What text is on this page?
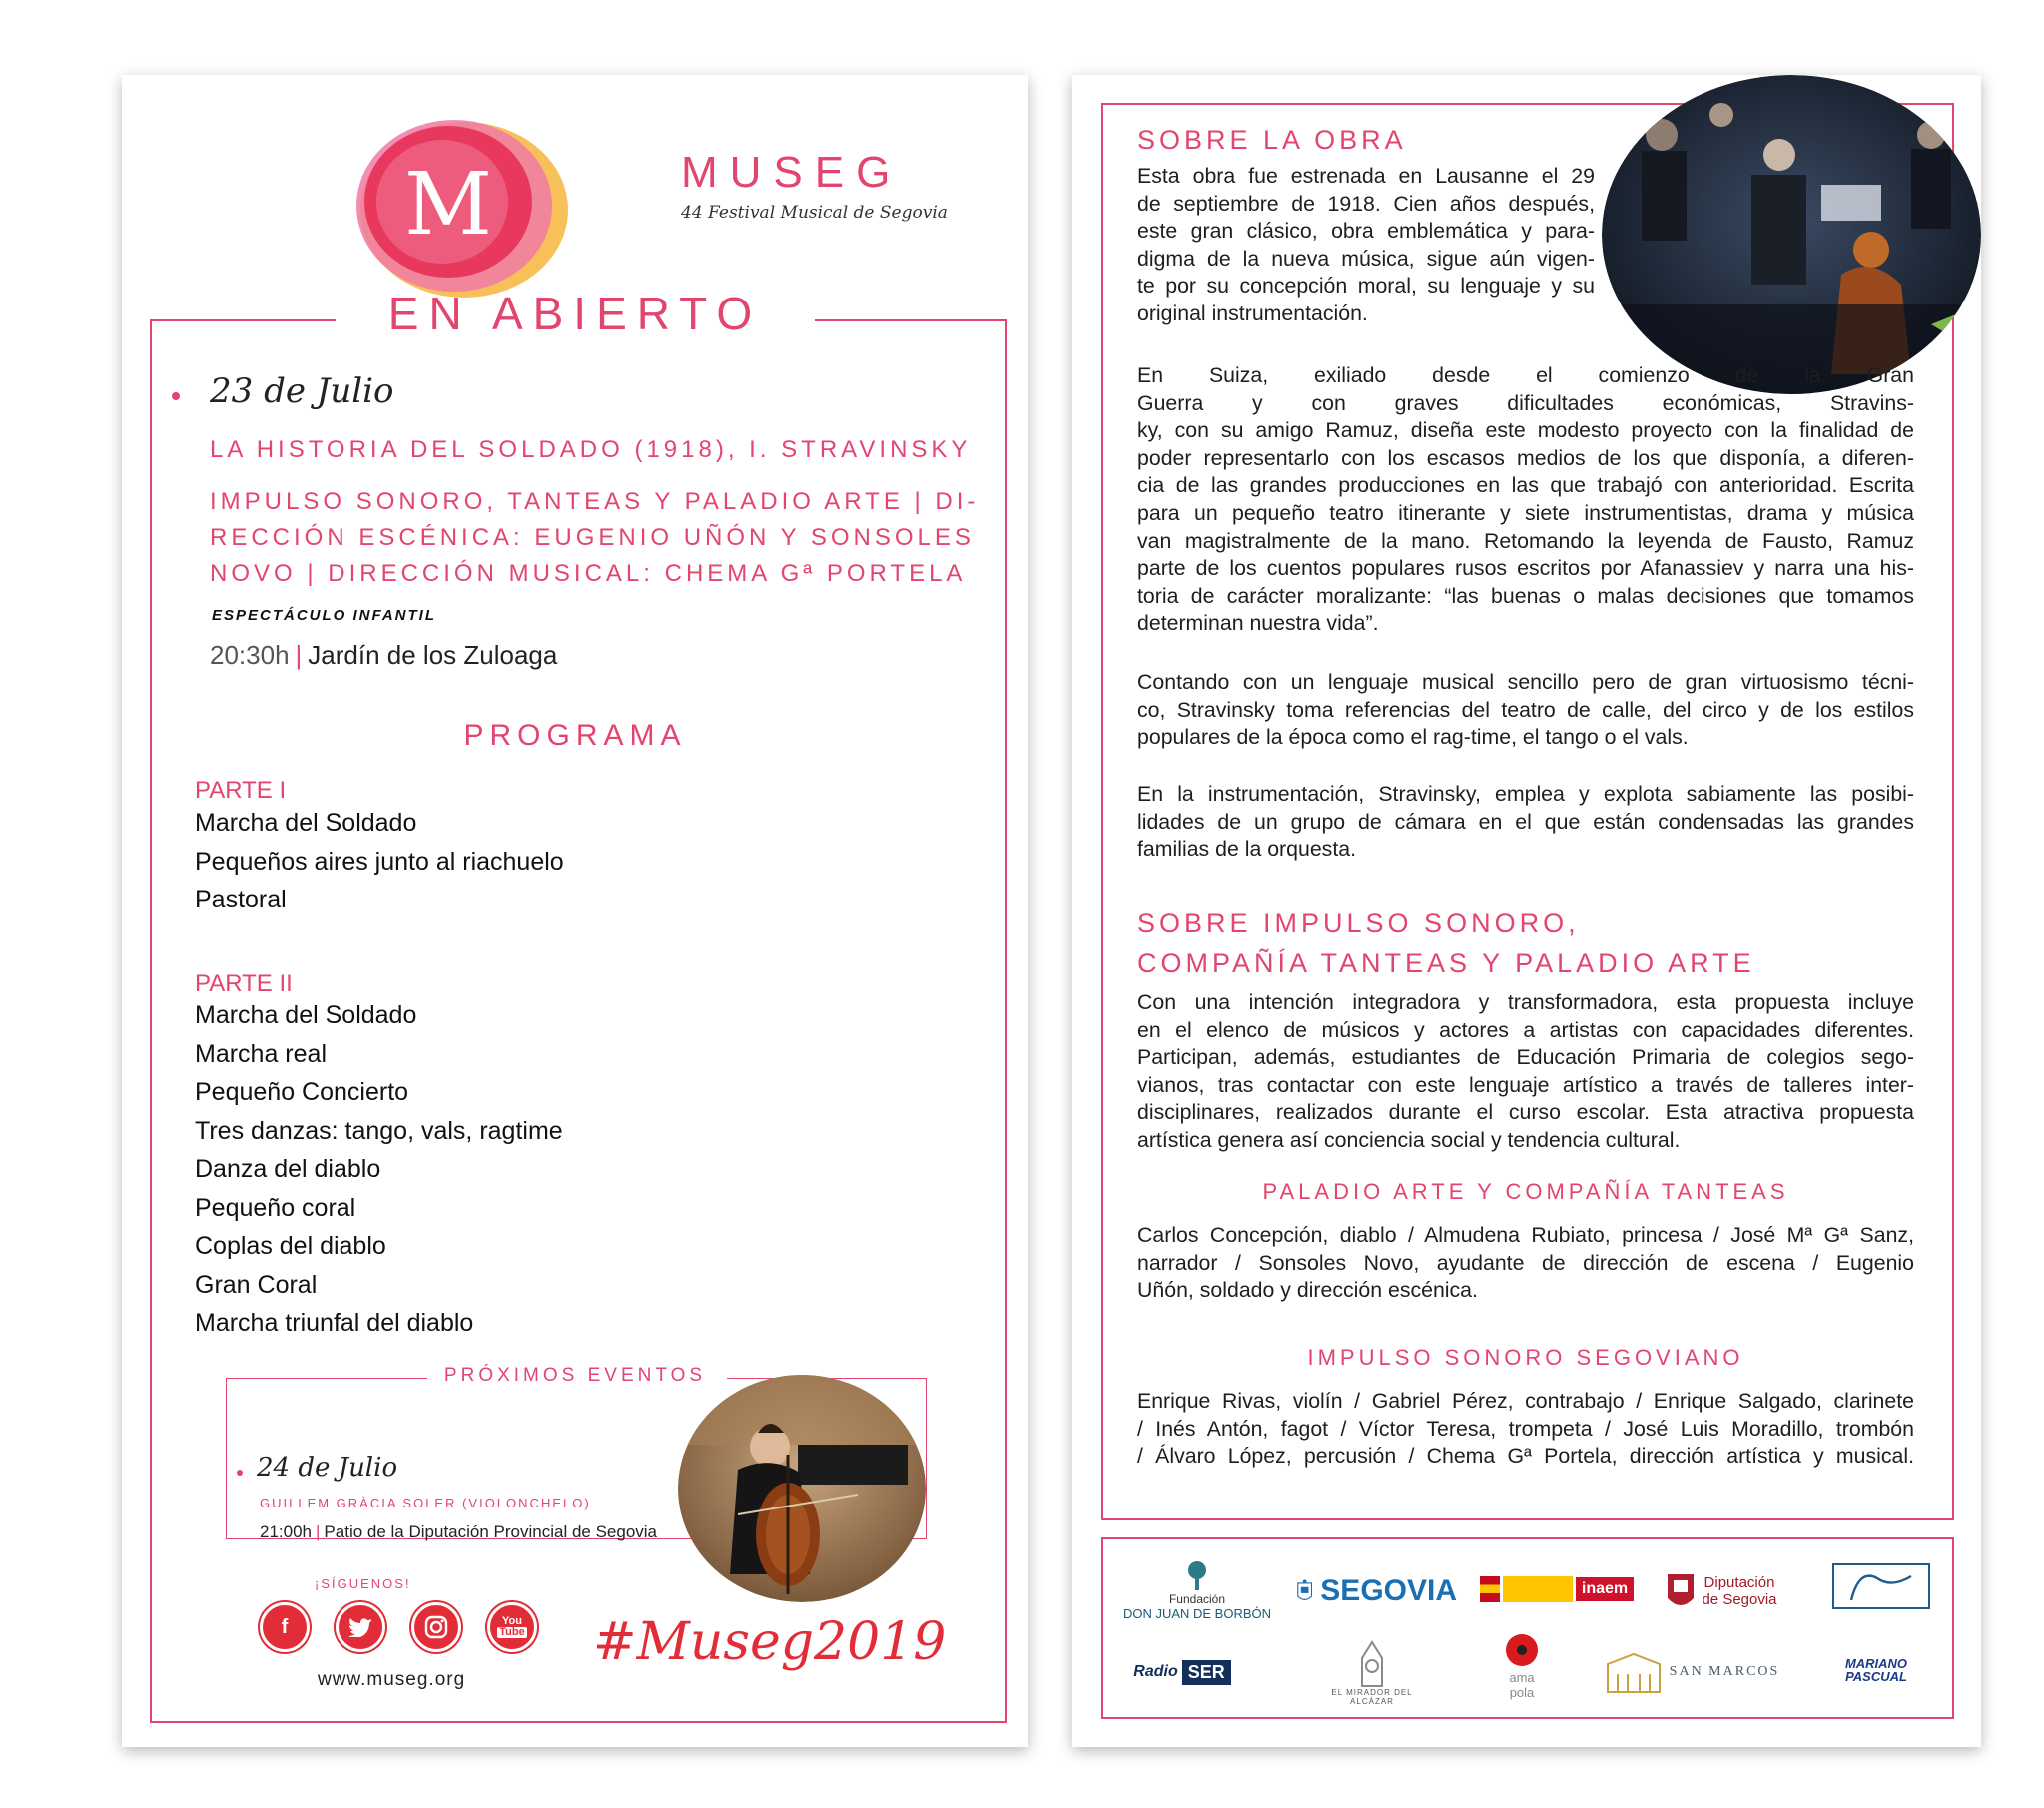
M	MUSEG
44 Festival Musical de Segovia
EN ABIERTO
23 de Julio
LA HISTORIA DEL SOLDADO (1918), I. STRAVINSKY
IMPULSO SONORO, TANTEAS Y PALADIO ARTE | DI-
RECCIÓN ESCÉNICA: EUGENIO UÑÓN Y SONSOLES
NOVO | DIRECCIÓN MUSICAL: CHEMA Gª PORTELA
ESPECTÁCULO INFANTIL
20:30h | Jardín de los Zuloaga
PROGRAMA
PARTE I
Marcha del Soldado
Pequeños aires junto al riachuelo
Pastoral
PARTE II
Marcha del Soldado
Marcha real
Pequeño Concierto
Tres danzas: tango, vals, ragtime
Danza del diablo
Pequeño coral
Coplas del diablo
Gran Coral
Marcha triunfal del diablo
PRÓXIMOS EVENTOS
24 de Julio
GUILLEM GRÀCIA SOLER (VIOLONCHELO)
21:00h | Patio de la Diputación Provincial de Segovia
¡SÍGUENOS!
f	You
Tube
www.museg.org
#Museg2019
SOBRE LA OBRA
Esta obra fue estrenada en Lausanne el 29
de septiembre de 1918. Cien años después,
este gran clásico, obra emblemática y para-
digma de la nueva música, sigue aún vigen-
te por su concepción moral, su lenguaje y su
original instrumentación.
En Suiza, exiliado desde el comienzo de la Gran
Guerra y con graves dificultades económicas, Stravins-
ky, con su amigo Ramuz, diseña este modesto proyecto con la finalidad de
poder representarlo con los escasos medios de los que disponía, a diferen-
cia de las grandes producciones en las que trabajó con anterioridad. Escrita
para un pequeño teatro itinerante y siete instrumentistas, drama y música
van magistralmente de la mano. Retomando la leyenda de Fausto, Ramuz
parte de los cuentos populares rusos escritos por Afanassiev y narra una his-
toria de carácter moralizante: “las buenas o malas decisiones que tomamos
determinan nuestra vida”.
Contando con un lenguaje musical sencillo pero de gran virtuosismo técni-
co, Stravinsky toma referencias del teatro de calle, del circo y de los estilos
populares de la época como el rag-time, el tango o el vals.
En la instrumentación, Stravinsky, emplea y explota sabiamente las posibi-
lidades de un grupo de cámara en el que están condensadas las grandes
familias de la orquesta.
SOBRE IMPULSO SONORO,
COMPAÑÍA TANTEAS Y PALADIO ARTE
Con una intención integradora y transformadora, esta propuesta incluye
en el elenco de músicos y actores a artistas con capacidades diferentes.
Participan, además, estudiantes de Educación Primaria de colegios sego-
vianos, tras contactar con este lenguaje artístico a través de talleres inter-
disciplinares, realizados durante el curso escolar. Esta atractiva propuesta
artística genera así conciencia social y tendencia cultural.
PALADIO ARTE Y COMPAÑÍA TANTEAS
Carlos Concepción, diablo / Almudena Rubiato, princesa / José Mª Gª Sanz,
narrador / Sonsoles Novo, ayudante de dirección de escena / Eugenio
Uñón, soldado y dirección escénica.
IMPULSO SONORO SEGOVIANO
Enrique Rivas, violín / Gabriel Pérez, contrabajo / Enrique Salgado, clarinete
/ Inés Antón, fagot / Víctor Teresa, trompeta / José Luis Moradillo, trombón
/ Álvaro López, percusión / Chema Gª Portela, dirección artística y musical.
Fundación
DON JUAN DE BORBÓN
SEGOVIA	inaem	Diputación
de Segovia
Radio SER
EL MIRADOR DEL ALCÁZAR
ama
pola
SAN MARCOS
MARIANO
PASCUAL
